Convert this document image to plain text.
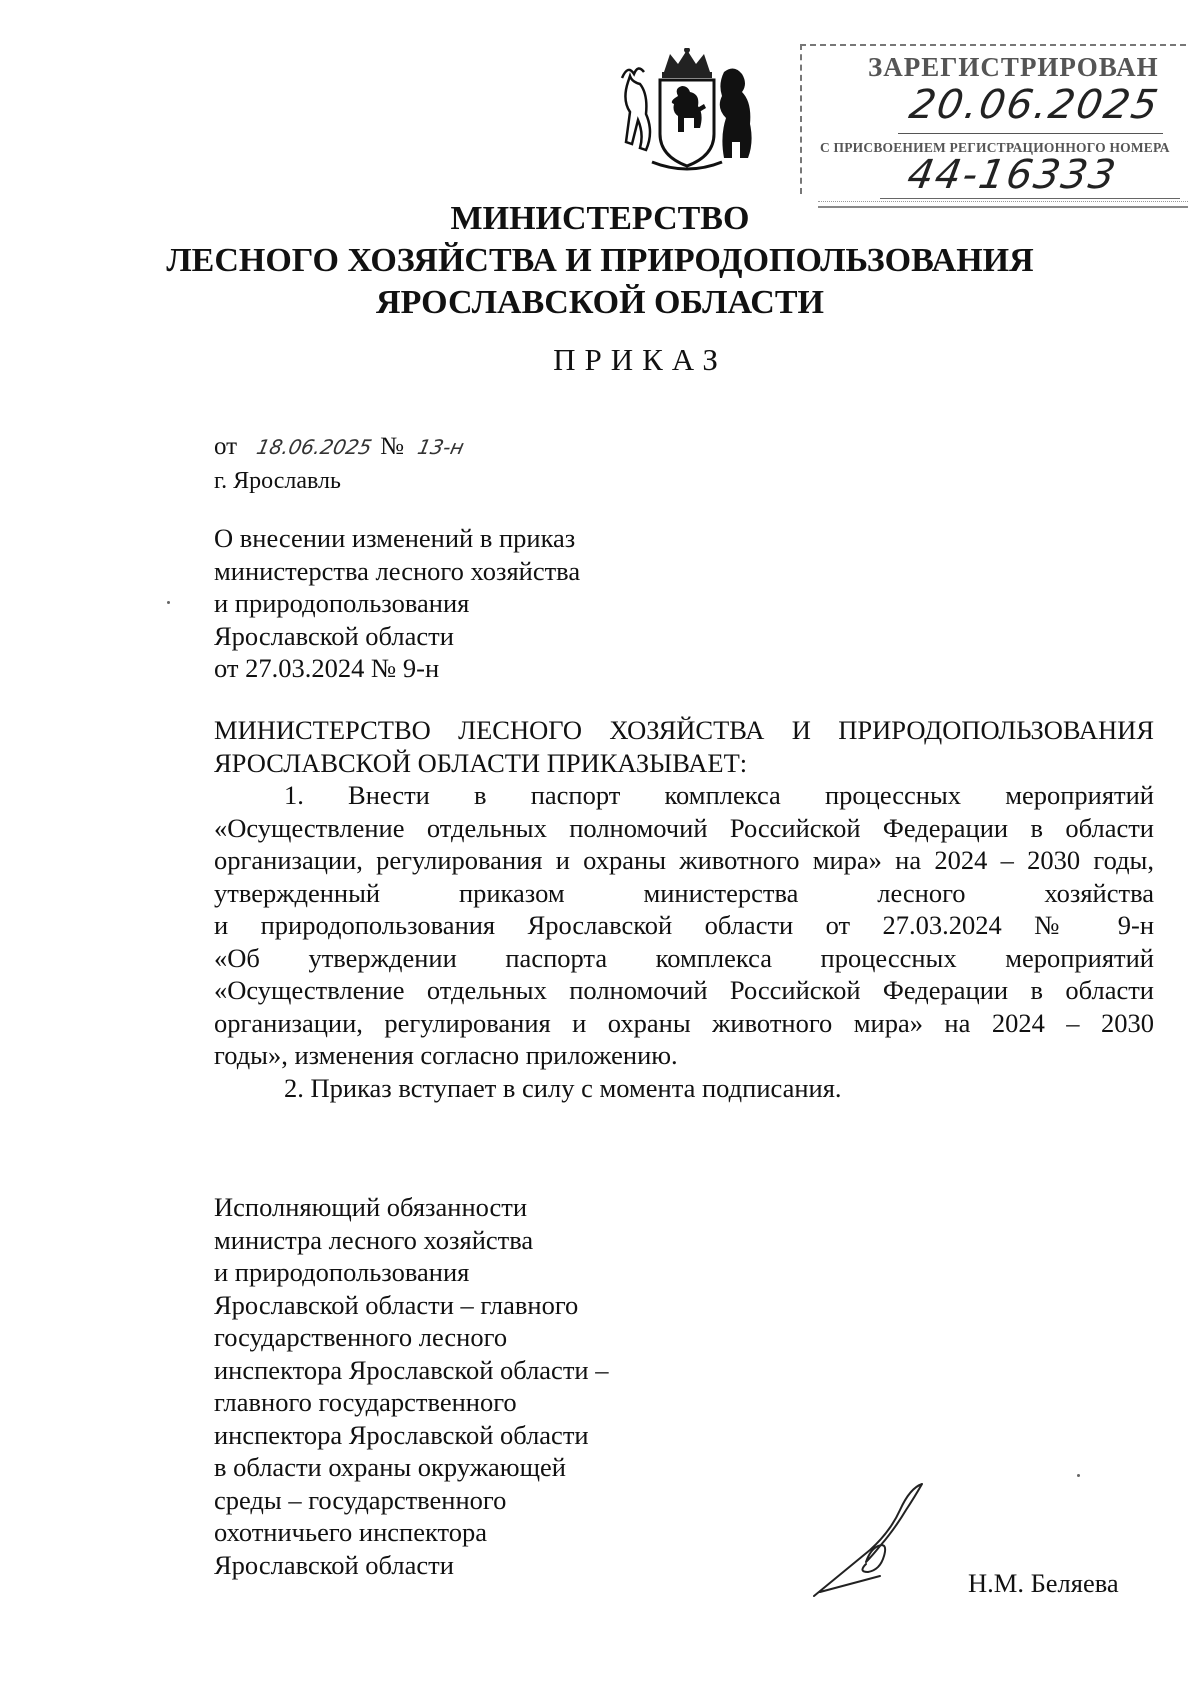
ЗАРЕГИСТРИРОВАН
20.06.2025
С ПРИСВОЕНИЕМ РЕГИСТРАЦИОННОГО НОМЕРА
44-16333
МИНИСТЕРСТВО
ЛЕСНОГО ХОЗЯЙСТВА И ПРИРОДОПОЛЬЗОВАНИЯ
ЯРОСЛАВСКОЙ ОБЛАСТИ
ПРИКАЗ
от 18.06.2025 № 13-н
г. Ярославль
О внесении изменений в приказ
министерства лесного хозяйства
и природопользования
Ярославской области
от 27.03.2024 № 9-н
МИНИСТЕРСТВО ЛЕСНОГО ХОЗЯЙСТВА И ПРИРОДОПОЛЬЗОВАНИЯ
ЯРОСЛАВСКОЙ ОБЛАСТИ ПРИКАЗЫВАЕТ:
1. Внести в паспорт комплекса процессных мероприятий
«Осуществление отдельных полномочий Российской Федерации в области
организации, регулирования и охраны животного мира» на 2024 – 2030 годы,
утвержденный приказом министерства лесного хозяйства
и природопользования Ярославской области от 27.03.2024 № 9-н
«Об утверждении паспорта комплекса процессных мероприятий
«Осуществление отдельных полномочий Российской Федерации в области
организации, регулирования и охраны животного мира» на 2024 – 2030
годы», изменения согласно приложению.
2. Приказ вступает в силу с момента подписания.
Исполняющий обязанности
министра лесного хозяйства
и природопользования
Ярославской области – главного
государственного лесного
инспектора Ярославской области –
главного государственного
инспектора Ярославской области
в области охраны окружающей
среды – государственного
охотничьего инспектора
Ярославской области
Н.М. Беляева
